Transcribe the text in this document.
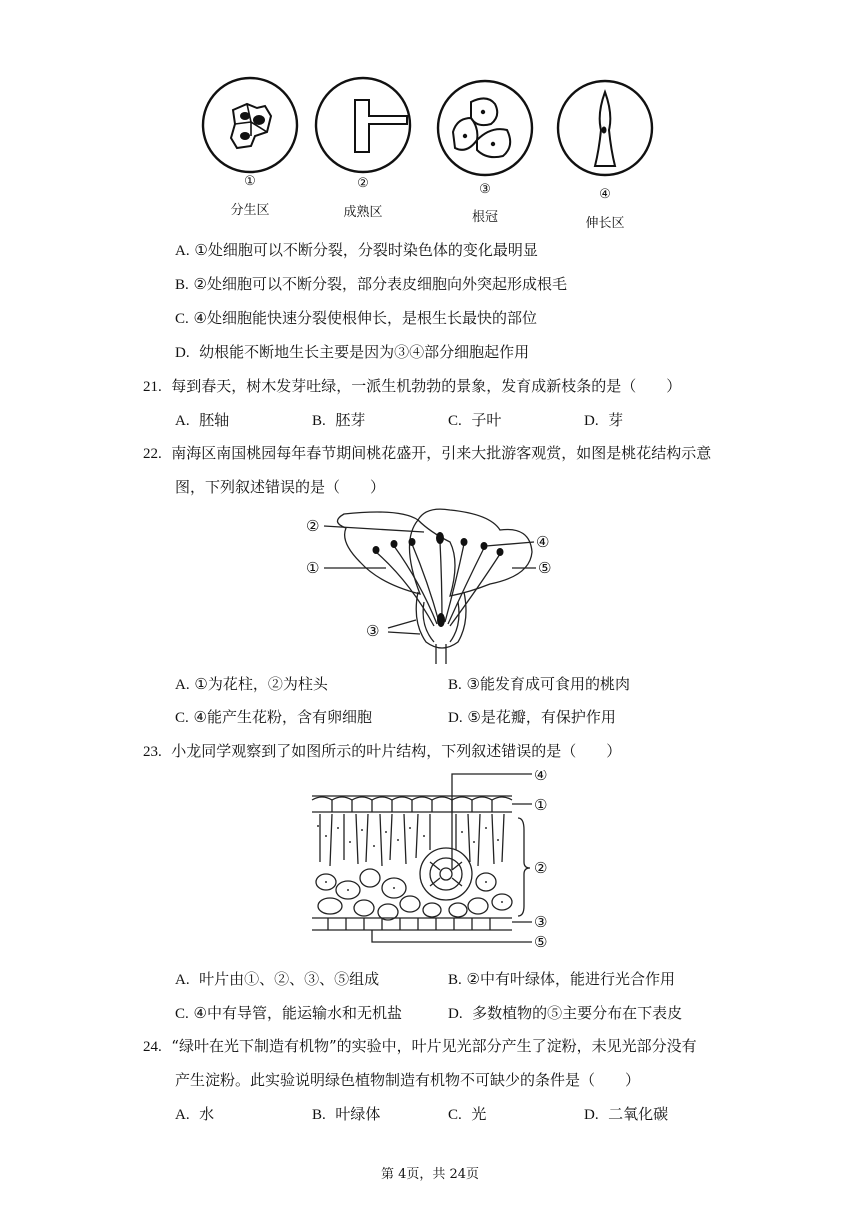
①	②	③	④
分生区	成熟区	根冠	伸长区
A. ①处细胞可以不断分裂，分裂时染色体的变化最明显
B. ②处细胞可以不断分裂，部分表皮细胞向外突起形成根毛
C. ④处细胞能快速分裂使根伸长，是根生长最快的部位
D. 幼根能不断地生长主要是因为③④部分细胞起作用
21. 每到春天，树木发芽吐绿，一派生机勃勃的景象，发育成新枝条的是（　　）
A. 胚轴	B. 胚芽	C. 子叶	D. 芽
22. 南海区南国桃园每年春节期间桃花盛开，引来大批游客观赏，如图是桃花结构示意
图，下列叙述错误的是（　　）
②
①
③
④
⑤
A. ①为花柱，②为柱头	B. ③能发育成可食用的桃肉
C. ④能产生花粉，含有卵细胞	D. ⑤是花瓣，有保护作用
23. 小龙同学观察到了如图所示的叶片结构，下列叙述错误的是（　　）
④
①
②
③
⑤
A. 叶片由①、②、③、⑤组成	B. ②中有叶绿体，能进行光合作用
C. ④中有导管，能运输水和无机盐	D. 多数植物的⑤主要分布在下表皮
24. “绿叶在光下制造有机物”的实验中，叶片见光部分产生了淀粉，未见光部分没有
产生淀粉。此实验说明绿色植物制造有机物不可缺少的条件是（　　）
A. 水	B. 叶绿体	C. 光	D. 二氧化碳
第 4页，共 24页
